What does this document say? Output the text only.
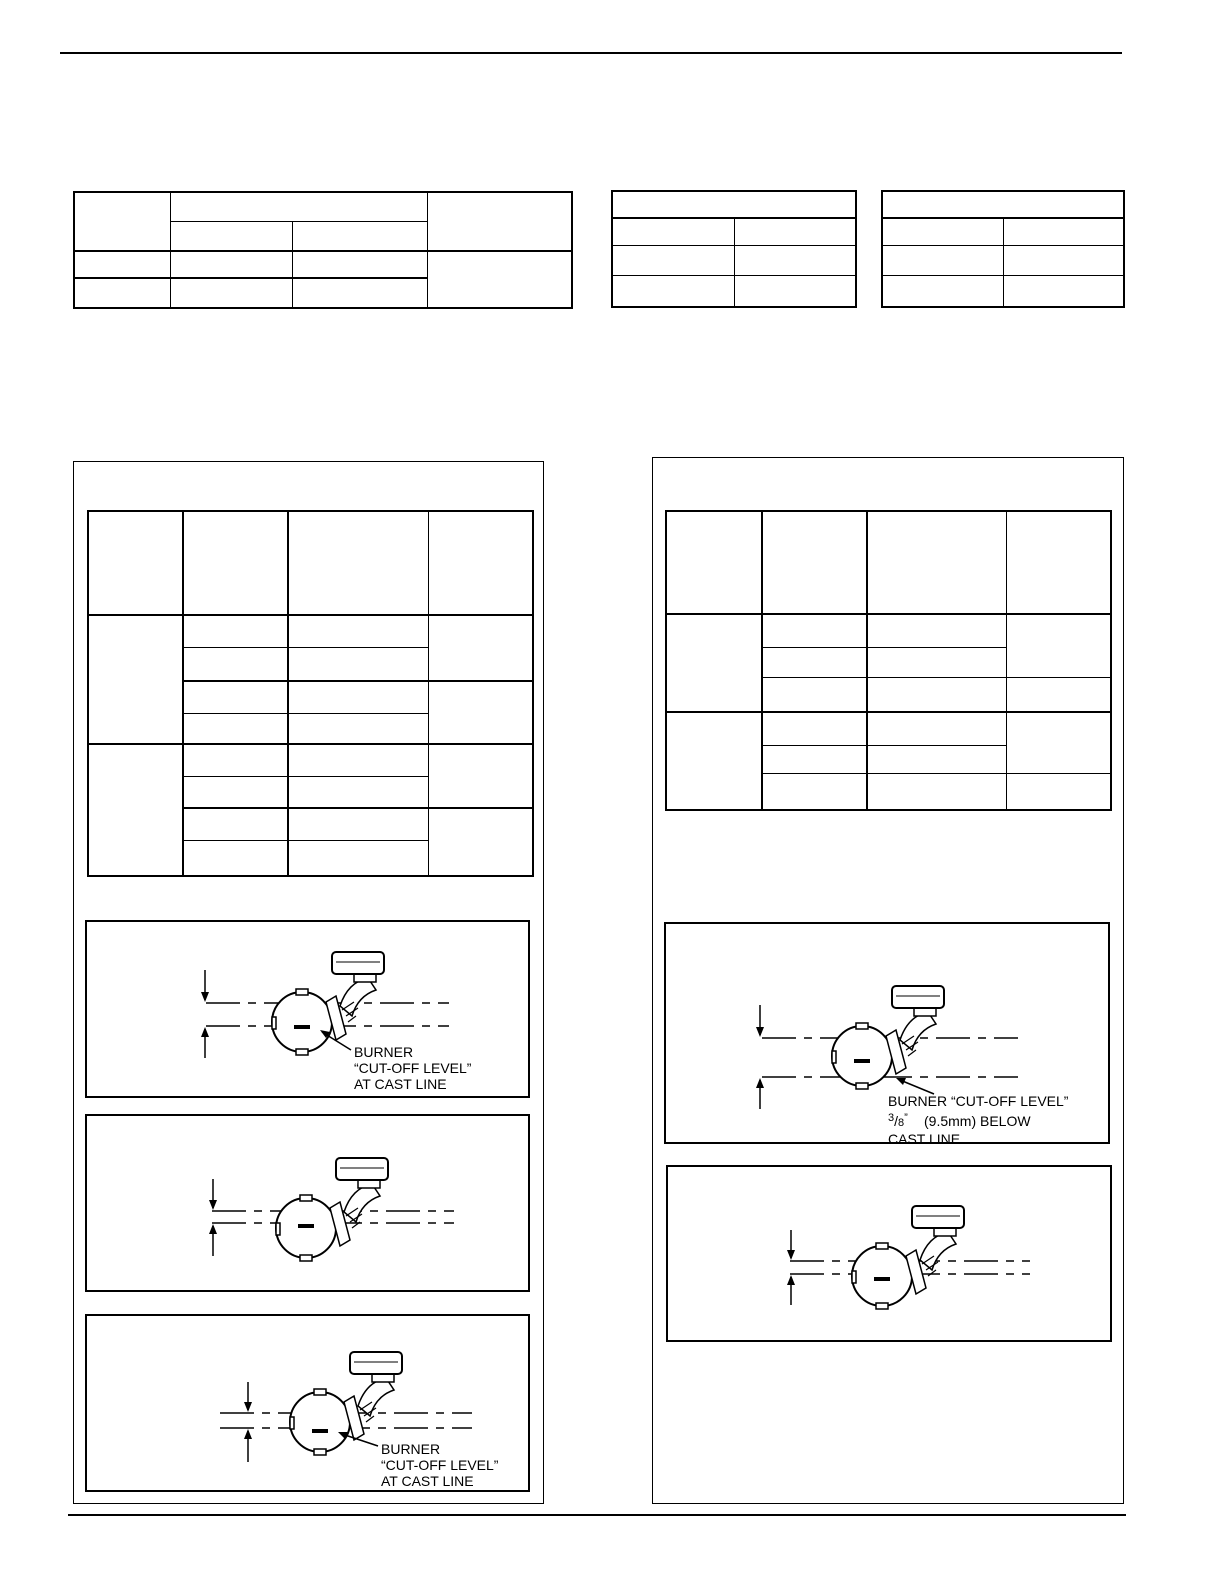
BURNER
“CUT-OFF LEVEL”
AT CAST LINE
BURNER
“CUT-OFF LEVEL”
AT CAST LINE
BURNER “CUT-OFF LEVEL”
$^3$/8” (9.5mm) BELOW
CAST LINE
